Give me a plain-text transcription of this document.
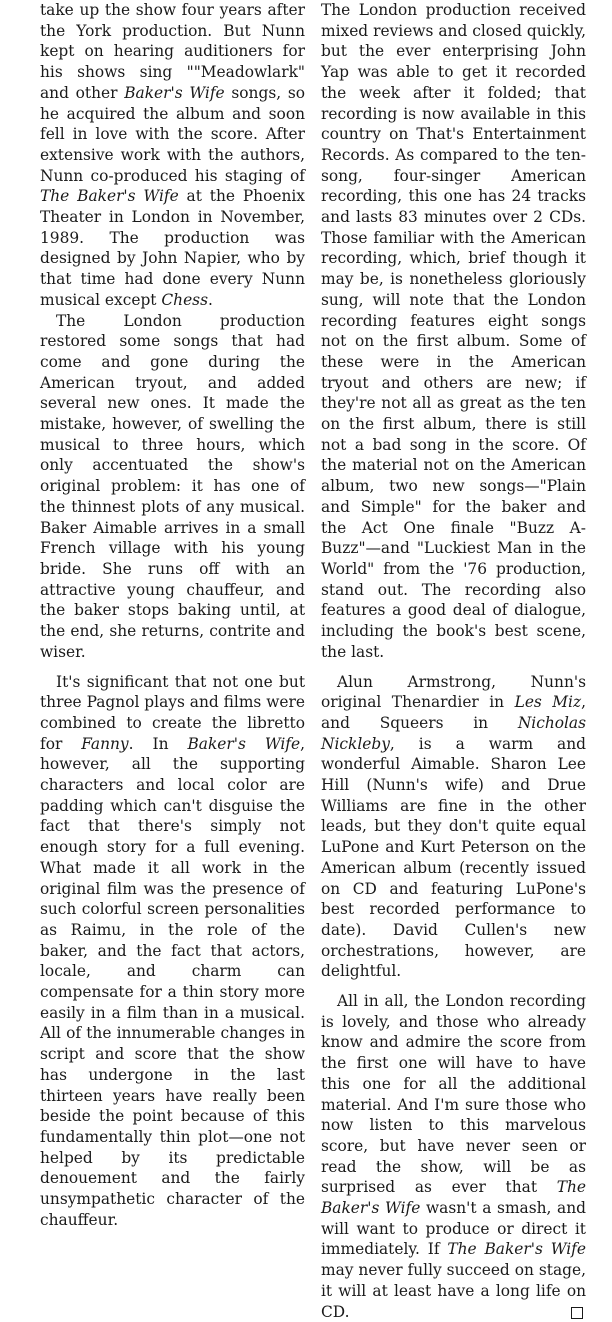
take up the show four years after the York production. But Nunn kept on hearing auditioners for his shows sing ""Meadowlark" and other Baker's Wife songs, so he acquired the album and soon fell in love with the score. After extensive work with the authors, Nunn co-produced his staging of The Baker's Wife at the Phoenix Theater in London in November, 1989. The production was designed by John Napier, who by that time had done every Nunn musical except Chess.

The London production restored some songs that had come and gone during the American tryout, and added several new ones. It made the mistake, however, of swelling the musical to three hours, which only accentuated the show's original problem: it has one of the thinnest plots of any musical. Baker Aimable arrives in a small French village with his young bride. She runs off with an attractive young chauffeur, and the baker stops baking until, at the end, she returns, contrite and wiser.

It's significant that not one but three Pagnol plays and films were combined to create the libretto for Fanny. In Baker's Wife, however, all the supporting characters and local color are padding which can't disguise the fact that there's simply not enough story for a full evening. What made it all work in the original film was the presence of such colorful screen personalities as Raimu, in the role of the baker, and the fact that actors, locale, and charm can compensate for a thin story more easily in a film than in a musical. All of the innumerable changes in script and score that the show has undergone in the last thirteen years have really been beside the point because of this fundamentally thin plot—one not helped by its predictable denouement and the fairly unsympathetic character of the chauffeur.

The London production received mixed reviews and closed quickly, but the ever enterprising John Yap was able to get it recorded the week after it folded; that recording is now available in this country on That's Entertainment Records. As compared to the ten-song, four-singer American recording, this one has 24 tracks and lasts 83 minutes over 2 CDs. Those familiar with the American recording, which, brief though it may be, is nonetheless gloriously sung, will note that the London recording features eight songs not on the first album. Some of these were in the American tryout and others are new; if they're not all as great as the ten on the first album, there is still not a bad song in the score. Of the material not on the American album, two new songs—"Plain and Simple" for the baker and the Act One finale "Buzz A-Buzz"—and "Luckiest Man in the World" from the '76 production, stand out. The recording also features a good deal of dialogue, including the book's best scene, the last.

Alun Armstrong, Nunn's original Thenardier in Les Miz, and Squeers in Nicholas Nickleby, is a warm and wonderful Aimable. Sharon Lee Hill (Nunn's wife) and Drue Williams are fine in the other leads, but they don't quite equal LuPone and Kurt Peterson on the American album (recently issued on CD and featuring LuPone's best recorded performance to date). David Cullen's new orchestrations, however, are delightful.

All in all, the London recording is lovely, and those who already know and admire the score from the first one will have to have this one for all the additional material. And I'm sure those who now listen to this marvelous score, but have never seen or read the show, will be as surprised as ever that The Baker's Wife wasn't a smash, and will want to produce or direct it immediately. If The Baker's Wife may never fully succeed on stage, it will at least have a long life on CD.
